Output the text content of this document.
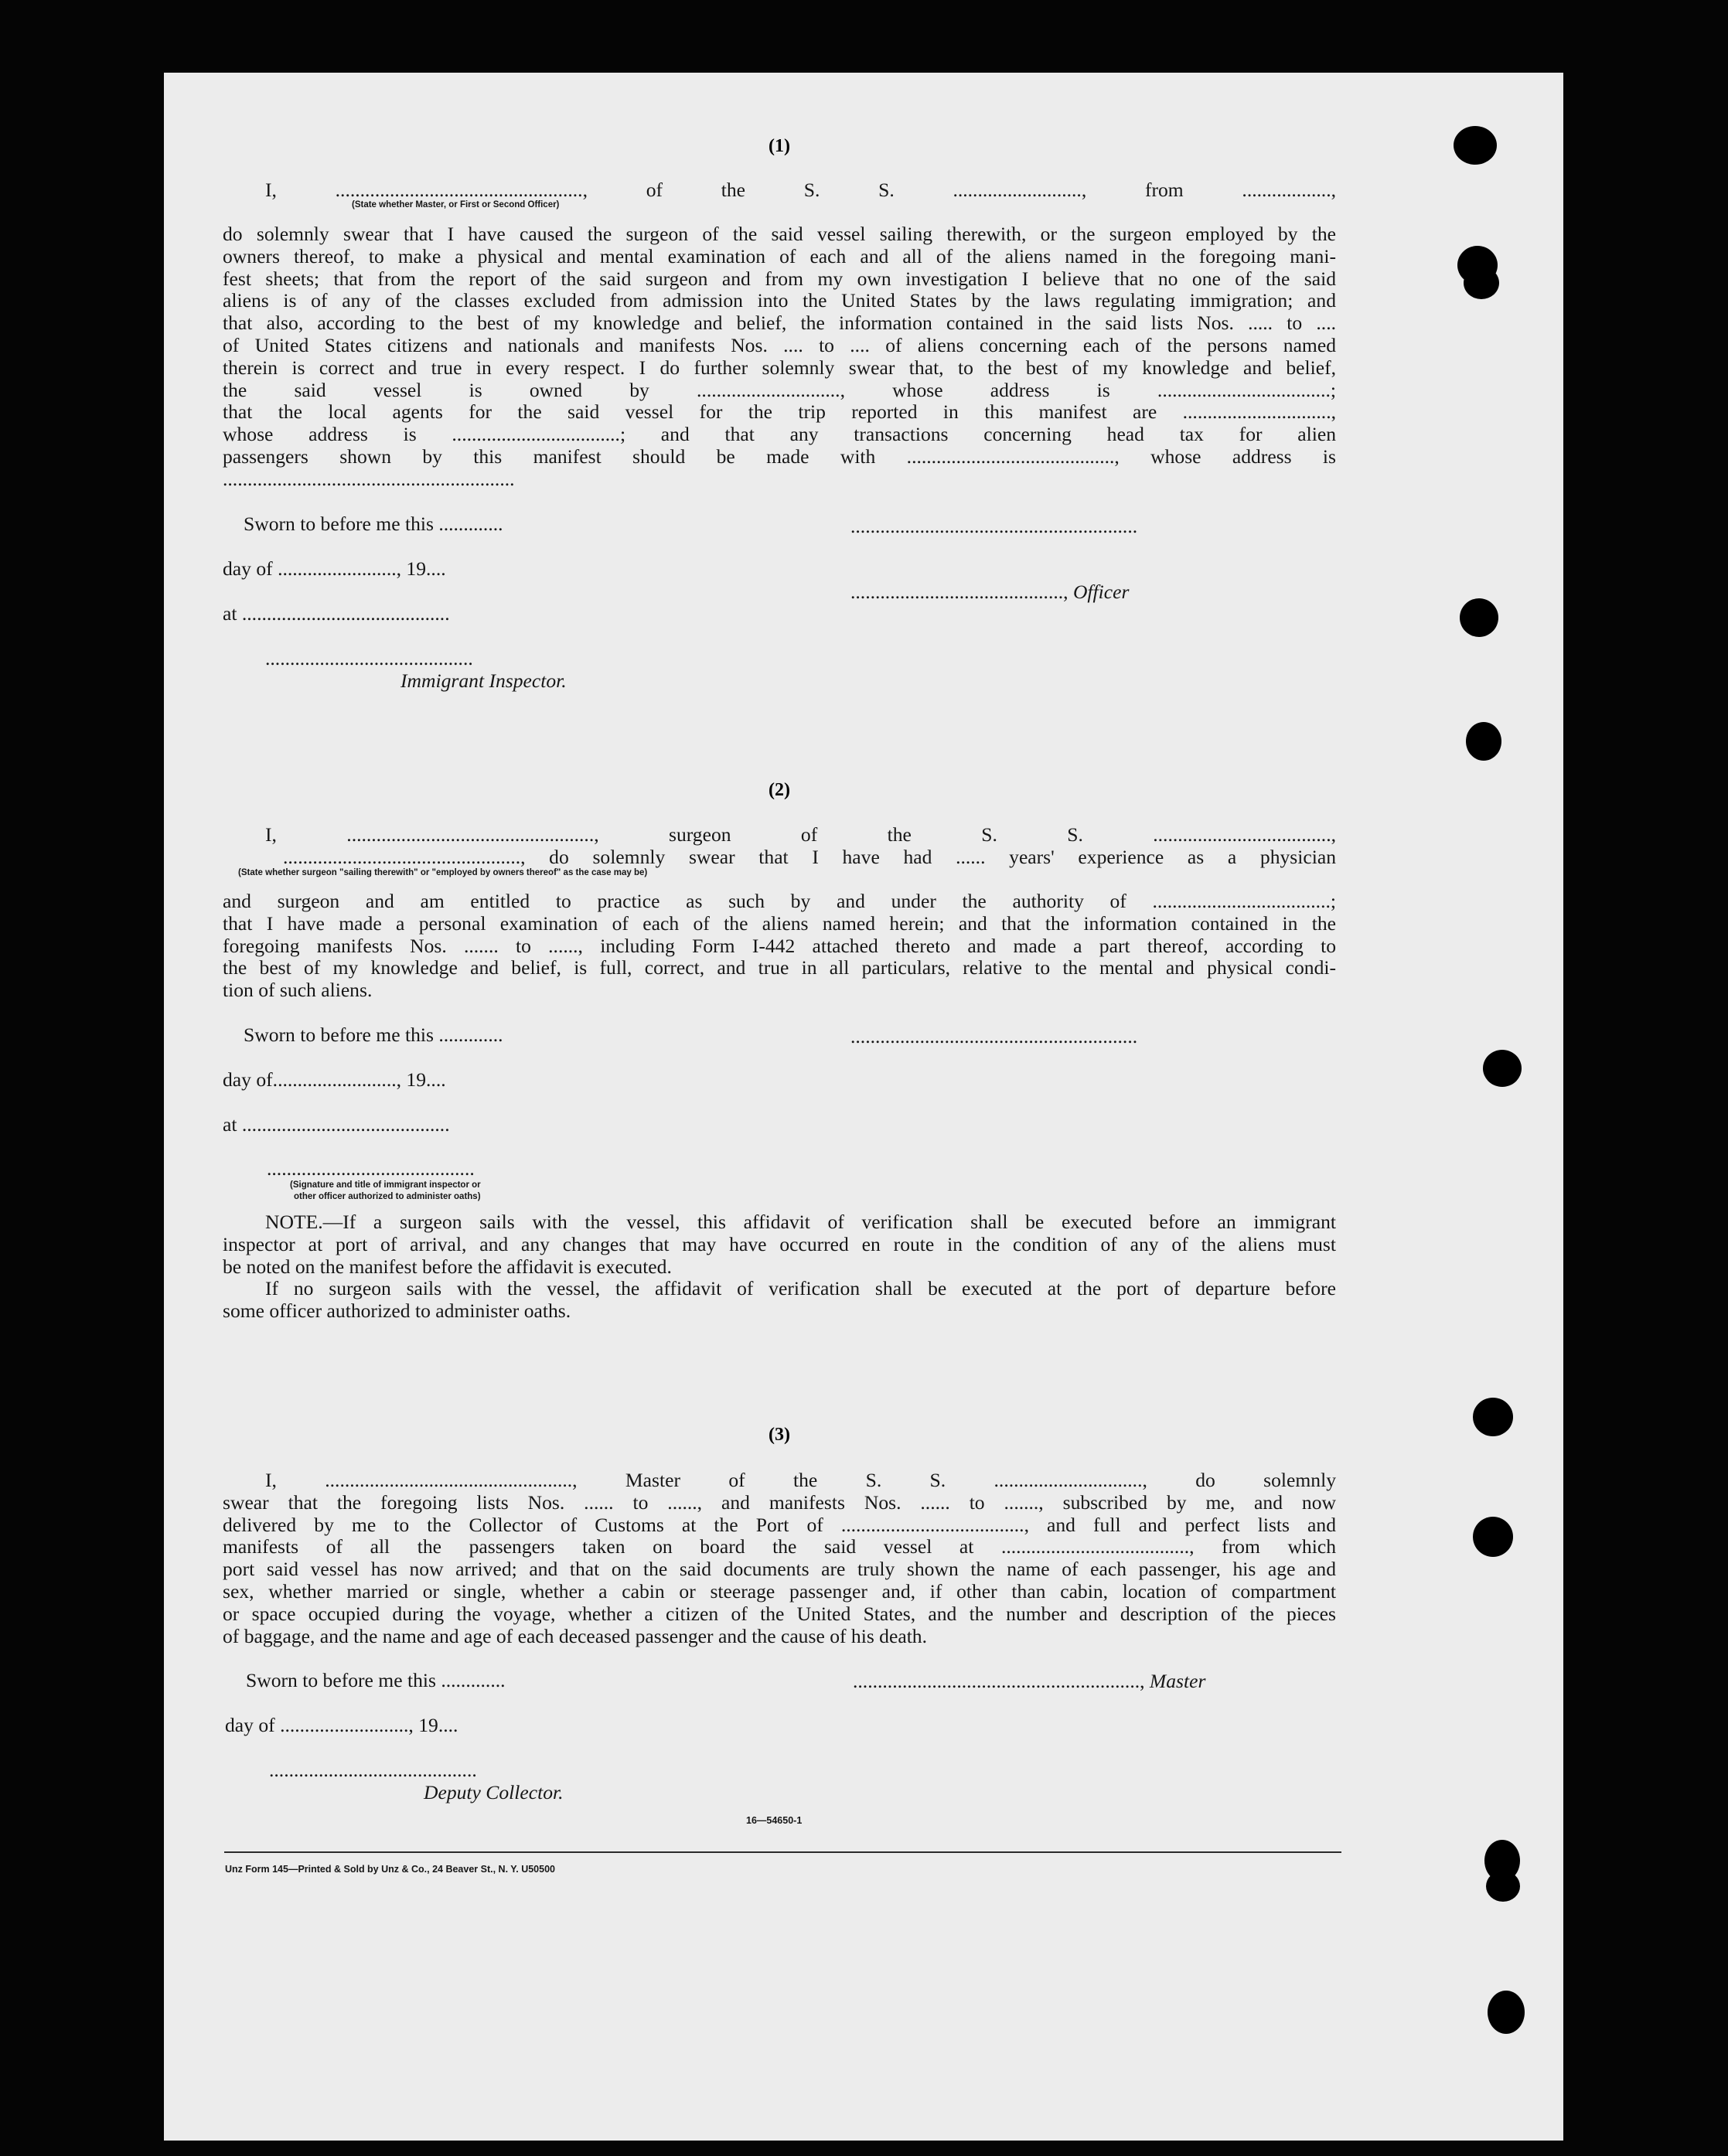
(1)
I, .................................................., of the S. S. .........................., from ..................,
(State whether Master, or First or Second Officer)
do solemnly swear that I have caused the surgeon of the said vessel sailing therewith, or the surgeon employed by the
owners thereof, to make a physical and mental examination of each and all of the aliens named in the foregoing mani-
fest sheets; that from the report of the said surgeon and from my own investigation I believe that no one of the said
aliens is of any of the classes excluded from admission into the United States by the laws regulating immigration; and
that also, according to the best of my knowledge and belief, the information contained in the said lists Nos. ..... to ....
of United States citizens and nationals and manifests Nos. .... to .... of aliens concerning each of the persons named
therein is correct and true in every respect. I do further solemnly swear that, to the best of my knowledge and belief,
the said vessel is owned by ............................., whose address is ...................................;
that the local agents for the said vessel for the trip reported in this manifest are ..............................,
whose address is ..................................; and that any transactions concerning head tax for alien
passengers shown by this manifest should be made with .........................................., whose address is
...........................................................
Sworn to before me this .............
day of ........................, 19....
at ..........................................
..........................................
Immigrant Inspector.
..........................................................
..........................................., Officer
(2)
I, .................................................., surgeon of the S. S. ....................................,
................................................, do solemnly swear that I have had ...... years' experience as a physician
(State whether surgeon "sailing therewith" or "employed by owners thereof" as the case may be)
and surgeon and am entitled to practice as such by and under the authority of ....................................;
that I have made a personal examination of each of the aliens named herein; and that the information contained in the
foregoing manifests Nos. ....... to ......, including Form I-442 attached thereto and made a part thereof, according to
the best of my knowledge and belief, is full, correct, and true in all particulars, relative to the mental and physical condi-
tion of such aliens.
Sworn to before me this .............
day of........................., 19....
at ..........................................
..........................................
(Signature and title of immigrant inspector or
other officer authorized to administer oaths)
..........................................................
NOTE.—If a surgeon sails with the vessel, this affidavit of verification shall be executed before an immigrant
inspector at port of arrival, and any changes that may have occurred en route in the condition of any of the aliens must
be noted on the manifest before the affidavit is executed.
If no surgeon sails with the vessel, the affidavit of verification shall be executed at the port of departure before
some officer authorized to administer oaths.
(3)
I, .................................................., Master of the S. S. .............................., do solemnly
swear that the foregoing lists Nos. ...... to ......, and manifests Nos. ...... to ......., subscribed by me, and now
delivered by me to the Collector of Customs at the Port of ....................................., and full and perfect lists and
manifests of all the passengers taken on board the said vessel at ......................................, from which
port said vessel has now arrived; and that on the said documents are truly shown the name of each passenger, his age and
sex, whether married or single, whether a cabin or steerage passenger and, if other than cabin, location of compartment
or space occupied during the voyage, whether a citizen of the United States, and the number and description of the pieces
of baggage, and the name and age of each deceased passenger and the cause of his death.
Sworn to before me this .............
day of .........................., 19....
..........................................
Deputy Collector.
.........................................................., Master
16—54650-1
Unz Form 145—Printed & Sold by Unz & Co., 24 Beaver St., N. Y. U50500
